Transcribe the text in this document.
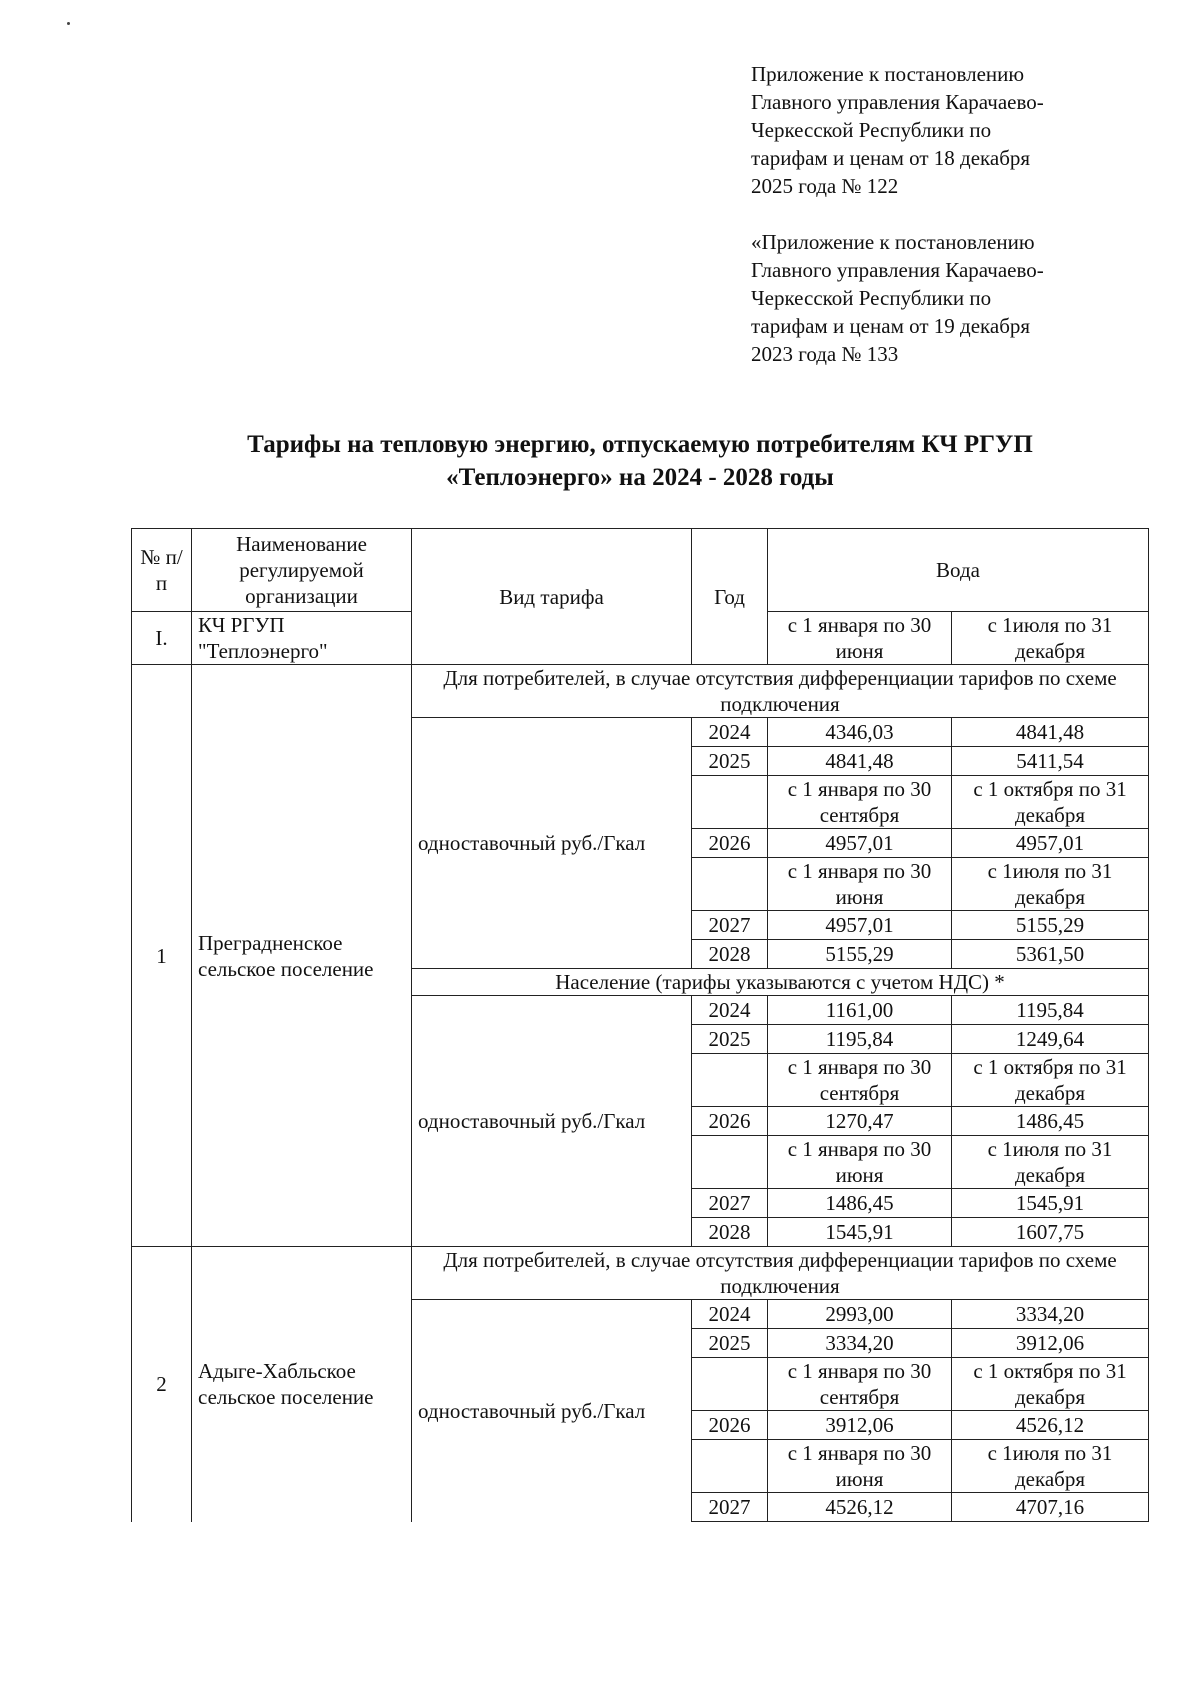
Приложение к постановлению
Главного управления Карачаево-
Черкесской Республики по
тарифам и ценам от 18 декабря
2025 года № 122
«Приложение к постановлению
Главного управления Карачаево-
Черкесской Республики по
тарифам и ценам от 19 декабря
2023 года № 133
Тарифы на тепловую энергию, отпускаемую потребителям КЧ РГУП
«Теплоэнерго» на 2024 - 2028 годы
№ п/п	Наименование регулируемой организации	Вид тарифа	Год	Вода	
I.	КЧ РГУП "Теплоэнерго"			с 1 января по 30 июня	с 1июля по 31 декабря
1	Преградненское сельское поселение	Для потребителей, в случае отсутствия дифференциации тарифов по схеме подключения			
		одноставочный руб./Гкал	2024	4346,03	4841,48
			2025	4841,48	5411,54
				с 1 января по 30 сентября	с 1 октября по 31 декабря
			2026	4957,01	4957,01
				с 1 января по 30 июня	с 1июля по 31 декабря
			2027	4957,01	5155,29
			2028	5155,29	5361,50
		Население (тарифы указываются с учетом НДС) *			
		одноставочный руб./Гкал	2024	1161,00	1195,84
			2025	1195,84	1249,64
				с 1 января по 30 сентября	с 1 октября по 31 декабря
			2026	1270,47	1486,45
				с 1 января по 30 июня	с 1июля по 31 декабря
			2027	1486,45	1545,91
			2028	1545,91	1607,75
2	Адыге-Хабльское сельское поселение	Для потребителей, в случае отсутствия дифференциации тарифов по схеме подключения			
		одноставочный руб./Гкал	2024	2993,00	3334,20
			2025	3334,20	3912,06
				с 1 января по 30 сентября	с 1 октября по 31 декабря
			2026	3912,06	4526,12
				с 1 января по 30 июня	с 1июля по 31 декабря
			2027	4526,12	4707,16
